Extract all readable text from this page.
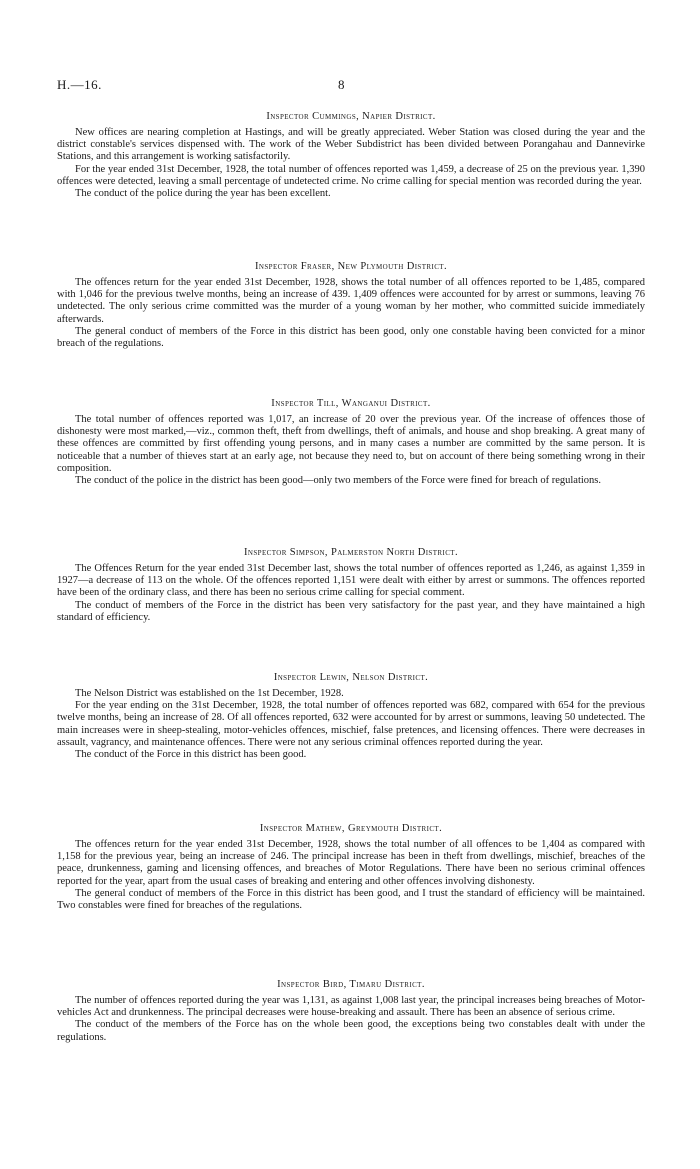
H.—16.	8
Inspector Cummings, Napier District.

New offices are nearing completion at Hastings, and will be greatly appreciated. Weber Station was closed during the year and the district constable's services dispensed with. The work of the Weber Subdistrict has been divided between Porangahau and Dannevirke Stations, and this arrangement is working satisfactorily.

For the year ended 31st December, 1928, the total number of offences reported was 1,459, a decrease of 25 on the previous year. 1,390 offences were detected, leaving a small percentage of undetected crime. No crime calling for special mention was recorded during the year.

The conduct of the police during the year has been excellent.

Inspector Fraser, New Plymouth District.

The offences return for the year ended 31st December, 1928, shows the total number of all offences reported to be 1,485, compared with 1,046 for the previous twelve months, being an increase of 439. 1,409 offences were accounted for by arrest or summons, leaving 76 undetected. The only serious crime committed was the murder of a young woman by her mother, who committed suicide immediately afterwards.

The general conduct of members of the Force in this district has been good, only one constable having been convicted for a minor breach of the regulations.

Inspector Till, Wanganui District.

The total number of offences reported was 1,017, an increase of 20 over the previous year. Of the increase of offences those of dishonesty were most marked,—viz., common theft, theft from dwellings, theft of animals, and house and shop breaking. A great many of these offences are committed by first offending young persons, and in many cases a number are committed by the same person. It is noticeable that a number of thieves start at an early age, not because they need to, but on account of there being something wrong in their composition.

The conduct of the police in the district has been good—only two members of the Force were fined for breach of regulations.

Inspector Simpson, Palmerston North District.

The Offences Return for the year ended 31st December last, shows the total number of offences reported as 1,246, as against 1,359 in 1927—a decrease of 113 on the whole. Of the offences reported 1,151 were dealt with either by arrest or summons. The offences reported have been of the ordinary class, and there has been no serious crime calling for special comment.

The conduct of members of the Force in the district has been very satisfactory for the past year, and they have maintained a high standard of efficiency.

Inspector Lewin, Nelson District.

The Nelson District was established on the 1st December, 1928.

For the year ending on the 31st December, 1928, the total number of offences reported was 682, compared with 654 for the previous twelve months, being an increase of 28. Of all offences reported, 632 were accounted for by arrest or summons, leaving 50 undetected. The main increases were in sheep-stealing, motor-vehicles offences, mischief, false pretences, and licensing offences. There were decreases in assault, vagrancy, and maintenance offences. There were not any serious criminal offences reported during the year.

The conduct of the Force in this district has been good.

Inspector Mathew, Greymouth District.

The offences return for the year ended 31st December, 1928, shows the total number of all offences to be 1,404 as compared with 1,158 for the previous year, being an increase of 246. The principal increase has been in theft from dwellings, mischief, breaches of the peace, drunkenness, gaming and licensing offences, and breaches of Motor Regulations. There have been no serious criminal offences reported for the year, apart from the usual cases of breaking and entering and other offences involving dishonesty.

The general conduct of members of the Force in this district has been good, and I trust the standard of efficiency will be maintained. Two constables were fined for breaches of the regulations.

Inspector Bird, Timaru District.

The number of offences reported during the year was 1,131, as against 1,008 last year, the principal increases being breaches of Motor-vehicles Act and drunkenness. The principal decreases were house-breaking and assault. There has been an absence of serious crime.

The conduct of the members of the Force has on the whole been good, the exceptions being two constables dealt with under the regulations.
